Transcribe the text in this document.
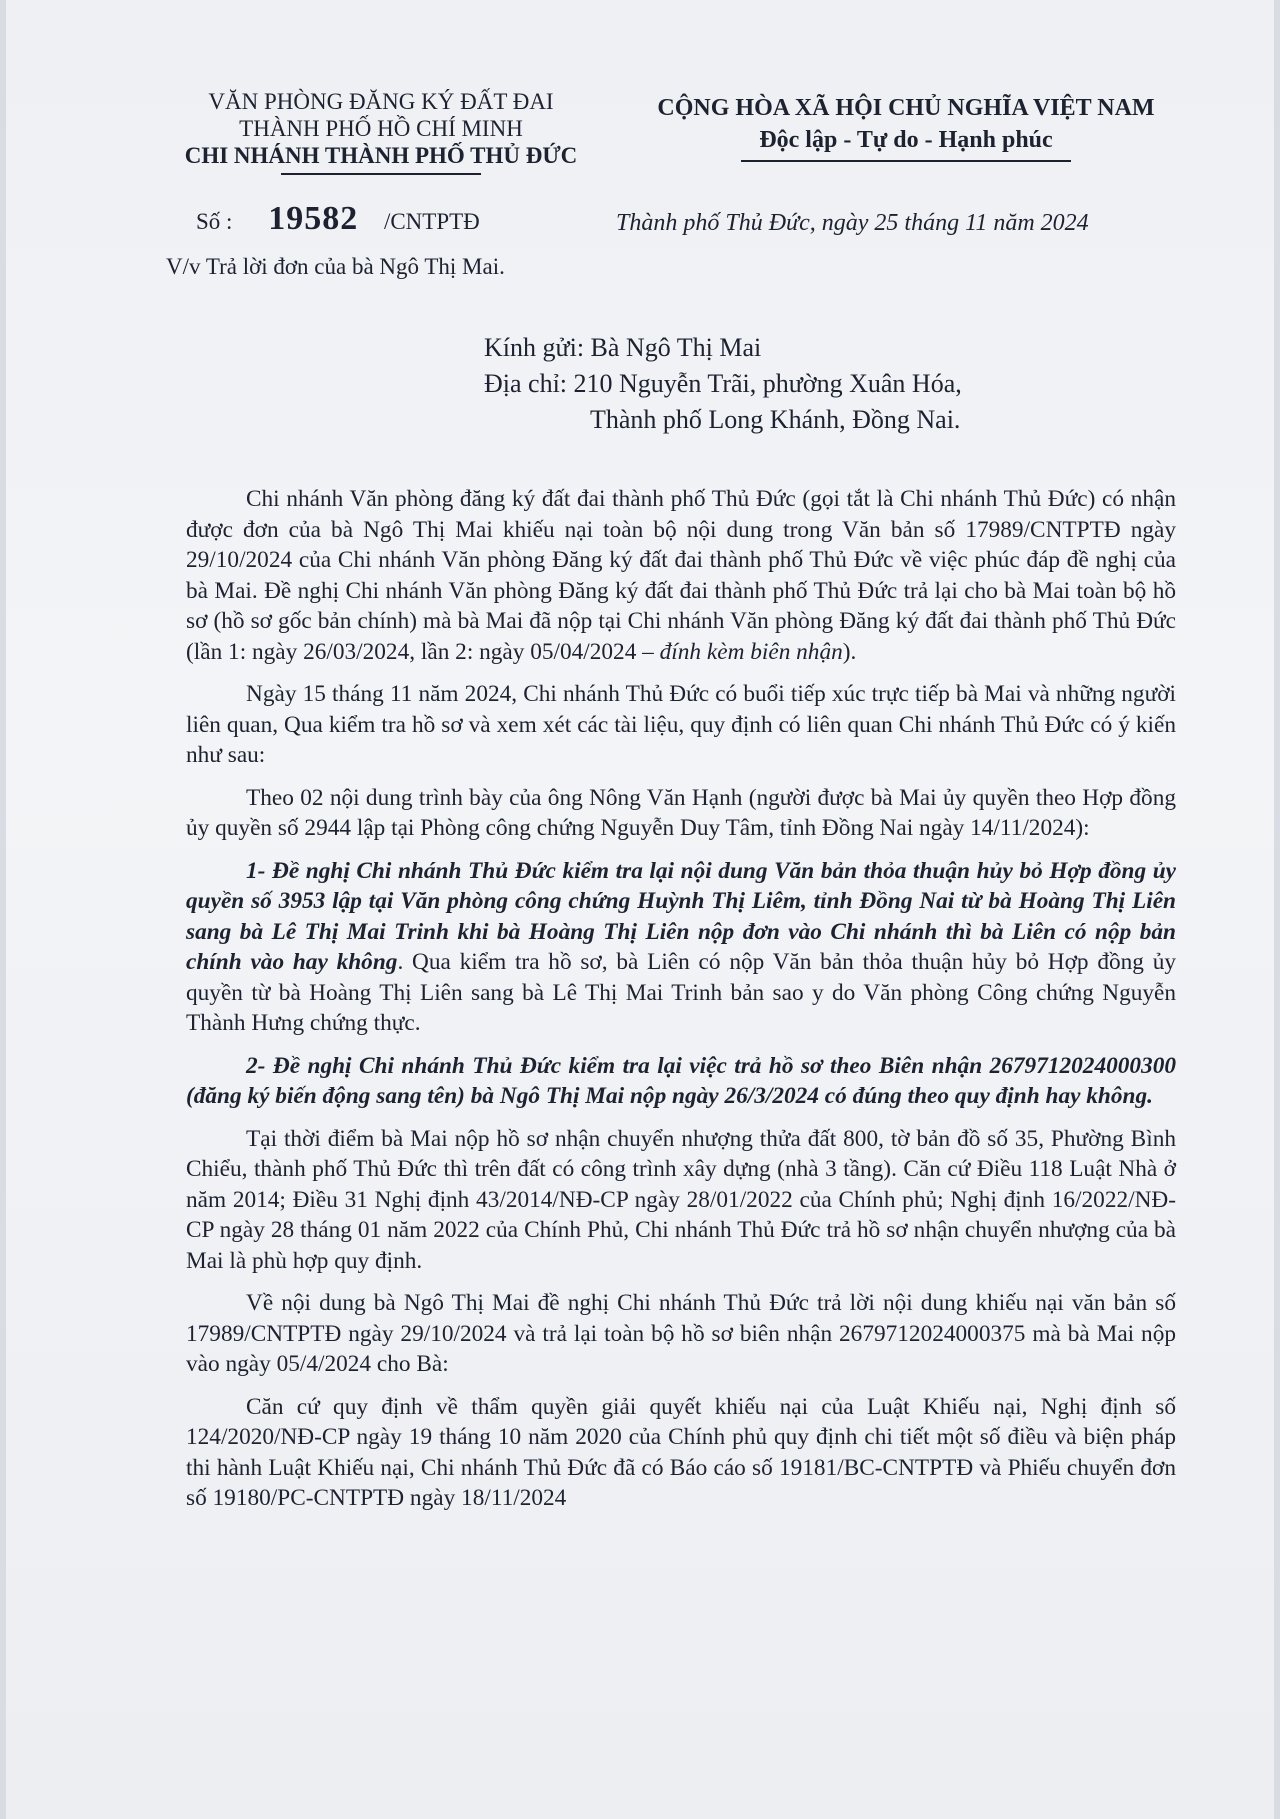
VĂN PHÒNG ĐĂNG KÝ ĐẤT ĐAI
THÀNH PHỐ HỒ CHÍ MINH
CHI NHÁNH THÀNH PHỐ THỦ ĐỨC
CỘNG HÒA XÃ HỘI CHỦ NGHĨA VIỆT NAM
Độc lập - Tự do - Hạnh phúc
Số : 19582 /CNTPTĐ	Thành phố Thủ Đức, ngày 25 tháng 11 năm 2024
V/v Trả lời đơn của bà Ngô Thị Mai.
Kính gửi: Bà Ngô Thị Mai
Địa chỉ: 210 Nguyễn Trãi, phường Xuân Hóa,
Thành phố Long Khánh, Đồng Nai.

Chi nhánh Văn phòng đăng ký đất đai thành phố Thủ Đức (gọi tắt là Chi nhánh Thủ Đức) có nhận được đơn của bà Ngô Thị Mai khiếu nại toàn bộ nội dung trong Văn bản số 17989/CNTPTĐ ngày 29/10/2024 của Chi nhánh Văn phòng Đăng ký đất đai thành phố Thủ Đức về việc phúc đáp đề nghị của bà Mai. Đề nghị Chi nhánh Văn phòng Đăng ký đất đai thành phố Thủ Đức trả lại cho bà Mai toàn bộ hồ sơ (hồ sơ gốc bản chính) mà bà Mai đã nộp tại Chi nhánh Văn phòng Đăng ký đất đai thành phố Thủ Đức (lần 1: ngày 26/03/2024, lần 2: ngày 05/04/2024 – đính kèm biên nhận).

Ngày 15 tháng 11 năm 2024, Chi nhánh Thủ Đức có buổi tiếp xúc trực tiếp bà Mai và những người liên quan, Qua kiểm tra hồ sơ và xem xét các tài liệu, quy định có liên quan Chi nhánh Thủ Đức có ý kiến như sau:

Theo 02 nội dung trình bày của ông Nông Văn Hạnh (người được bà Mai ủy quyền theo Hợp đồng ủy quyền số 2944 lập tại Phòng công chứng Nguyễn Duy Tâm, tỉnh Đồng Nai ngày 14/11/2024):

1- Đề nghị Chi nhánh Thủ Đức kiểm tra lại nội dung Văn bản thỏa thuận hủy bỏ Hợp đồng ủy quyền số 3953 lập tại Văn phòng công chứng Huỳnh Thị Liêm, tỉnh Đồng Nai từ bà Hoàng Thị Liên sang bà Lê Thị Mai Trinh khi bà Hoàng Thị Liên nộp đơn vào Chi nhánh thì bà Liên có nộp bản chính vào hay không. Qua kiểm tra hồ sơ, bà Liên có nộp Văn bản thỏa thuận hủy bỏ Hợp đồng ủy quyền từ bà Hoàng Thị Liên sang bà Lê Thị Mai Trinh bản sao y do Văn phòng Công chứng Nguyễn Thành Hưng chứng thực.

2- Đề nghị Chi nhánh Thủ Đức kiểm tra lại việc trả hồ sơ theo Biên nhận 2679712024000300 (đăng ký biến động sang tên) bà Ngô Thị Mai nộp ngày 26/3/2024 có đúng theo quy định hay không.

Tại thời điểm bà Mai nộp hồ sơ nhận chuyển nhượng thửa đất 800, tờ bản đồ số 35, Phường Bình Chiểu, thành phố Thủ Đức thì trên đất có công trình xây dựng (nhà 3 tầng). Căn cứ Điều 118 Luật Nhà ở năm 2014; Điều 31 Nghị định 43/2014/NĐ-CP ngày 28/01/2022 của Chính phủ; Nghị định 16/2022/NĐ-CP ngày 28 tháng 01 năm 2022 của Chính Phủ, Chi nhánh Thủ Đức trả hồ sơ nhận chuyển nhượng của bà Mai là phù hợp quy định.

Về nội dung bà Ngô Thị Mai đề nghị Chi nhánh Thủ Đức trả lời nội dung khiếu nại văn bản số 17989/CNTPTĐ ngày 29/10/2024 và trả lại toàn bộ hồ sơ biên nhận 2679712024000375 mà bà Mai nộp vào ngày 05/4/2024 cho Bà:

Căn cứ quy định về thẩm quyền giải quyết khiếu nại của Luật Khiếu nại, Nghị định số 124/2020/NĐ-CP ngày 19 tháng 10 năm 2020 của Chính phủ quy định chi tiết một số điều và biện pháp thi hành Luật Khiếu nại, Chi nhánh Thủ Đức đã có Báo cáo số 19181/BC-CNTPTĐ và Phiếu chuyển đơn số 19180/PC-CNTPTĐ ngày 18/11/2024
